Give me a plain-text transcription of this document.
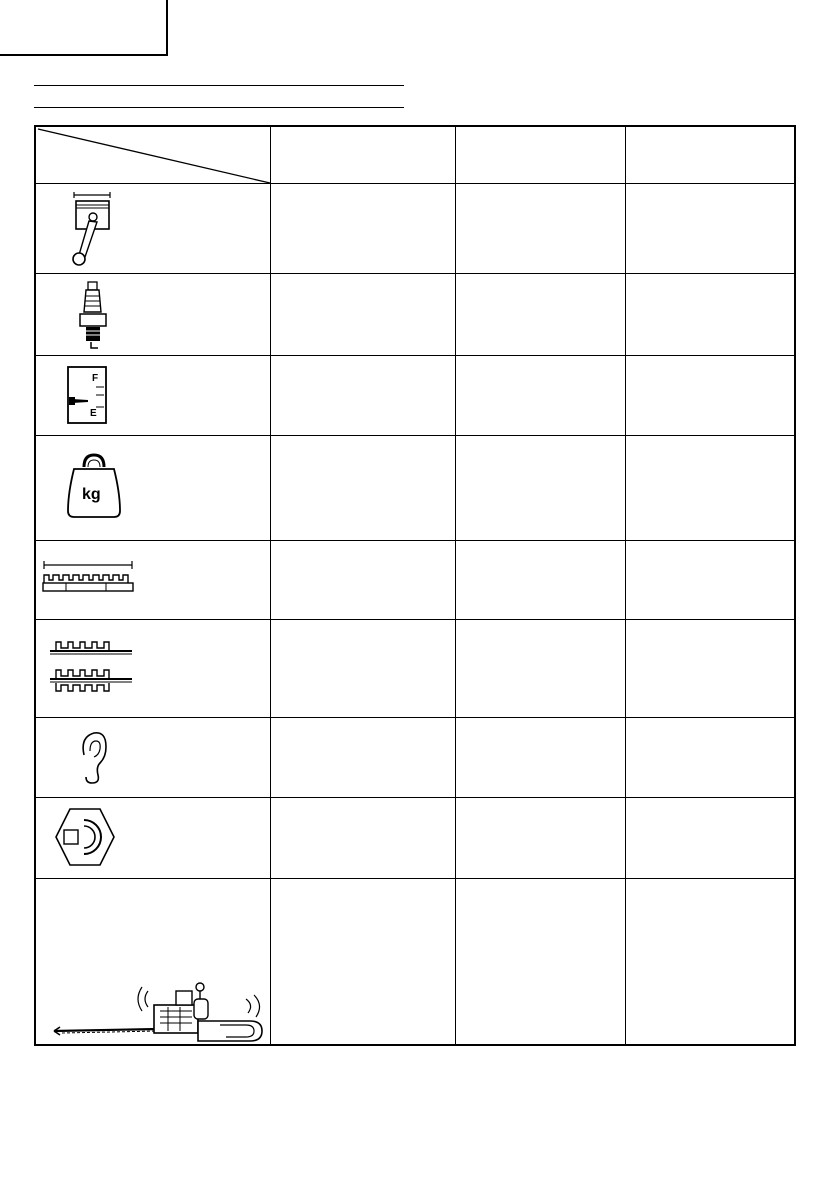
F
E
kg
